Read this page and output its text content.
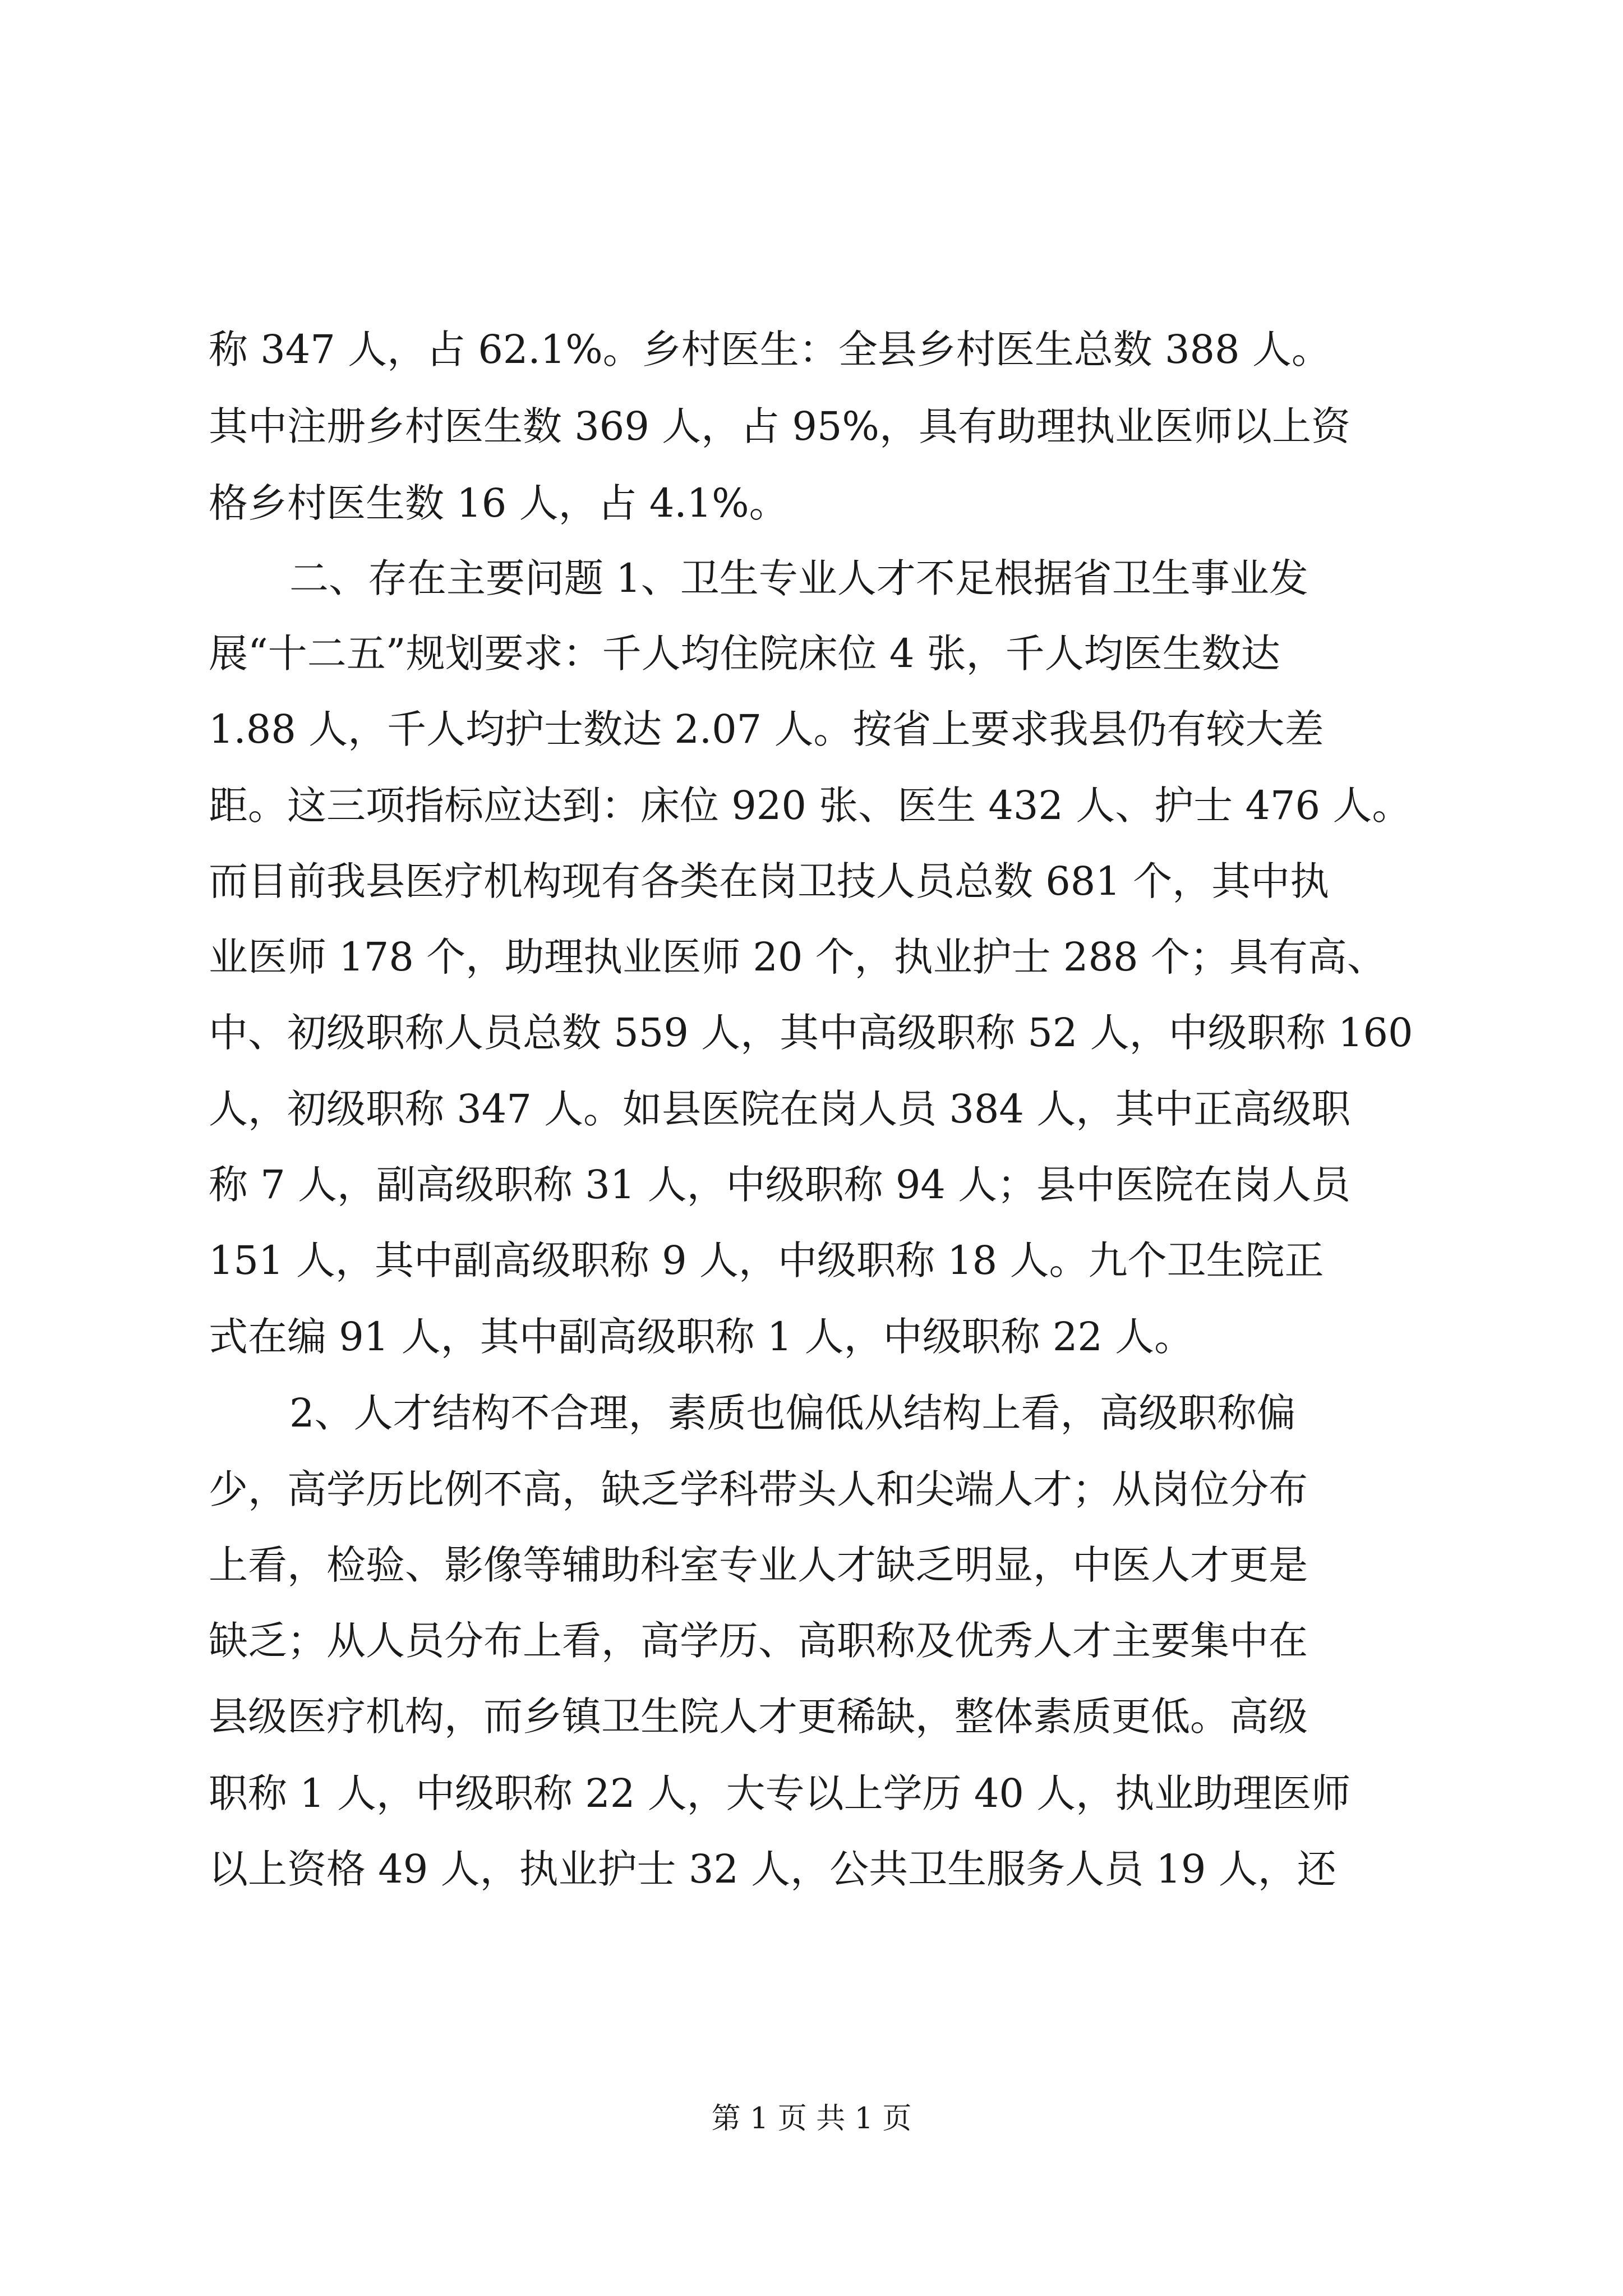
称 347 人，占 62.1%。乡村医生：全县乡村医生总数 388 人。
其中注册乡村医生数 369 人，占 95%，具有助理执业医师以上资
格乡村医生数 16 人，占 4.1%。
二、存在主要问题 1、卫生专业人才不足根据省卫生事业发
展“十二五”规划要求：千人均住院床位 4 张，千人均医生数达
1.88 人，千人均护士数达 2.07 人。按省上要求我县仍有较大差
距。这三项指标应达到：床位 920 张、医生 432 人、护士 476 人。
而目前我县医疗机构现有各类在岗卫技人员总数 681 个，其中执
业医师 178 个，助理执业医师 20 个，执业护士 288 个；具有高、
中、初级职称人员总数 559 人，其中高级职称 52 人，中级职称 160
人，初级职称 347 人。如县医院在岗人员 384 人，其中正高级职
称 7 人，副高级职称 31 人，中级职称 94 人；县中医院在岗人员
151 人，其中副高级职称 9 人，中级职称 18 人。九个卫生院正
式在编 91 人，其中副高级职称 1 人，中级职称 22 人。
2、人才结构不合理，素质也偏低从结构上看，高级职称偏
少，高学历比例不高，缺乏学科带头人和尖端人才；从岗位分布
上看，检验、影像等辅助科室专业人才缺乏明显，中医人才更是
缺乏；从人员分布上看，高学历、高职称及优秀人才主要集中在
县级医疗机构，而乡镇卫生院人才更稀缺，整体素质更低。高级
职称 1 人，中级职称 22 人，大专以上学历 40 人，执业助理医师
以上资格 49 人，执业护士 32 人，公共卫生服务人员 19 人，还
第 1 页 共 1 页
